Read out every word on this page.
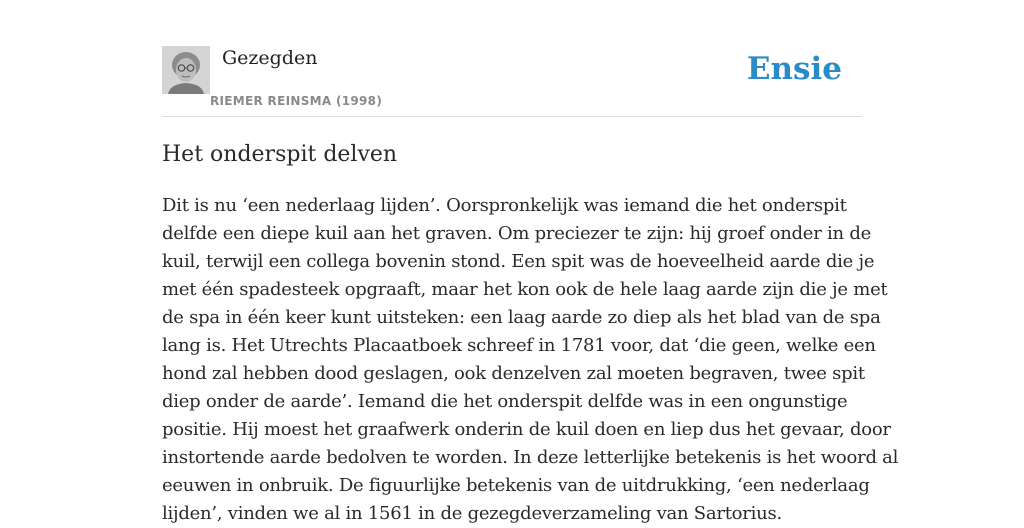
Gezegden
RIEMER REINSMA (1998)
Ensie
Het onderspit delven
Dit is nu ‘een nederlaag lijden’. Oorspronkelijk was iemand die het onderspit
delfde een diepe kuil aan het graven. Om preciezer te zijn: hij groef onder in de
kuil, terwijl een collega bovenin stond. Een spit was de hoeveelheid aarde die je
met één spadesteek opgraaft, maar het kon ook de hele laag aarde zijn die je met
de spa in één keer kunt uitsteken: een laag aarde zo diep als het blad van de spa
lang is. Het Utrechts Placaatboek schreef in 1781 voor, dat ‘die geen, welke een
hond zal hebben dood geslagen, ook denzelven zal moeten begraven, twee spit
diep onder de aarde’. Iemand die het onderspit delfde was in een ongunstige
positie. Hij moest het graafwerk onderin de kuil doen en liep dus het gevaar, door
instortende aarde bedolven te worden. In deze letterlijke betekenis is het woord al
eeuwen in onbruik. De figuurlijke betekenis van de uitdrukking, ‘een nederlaag
lijden’, vinden we al in 1561 in de gezegdeverzameling van Sartorius.
